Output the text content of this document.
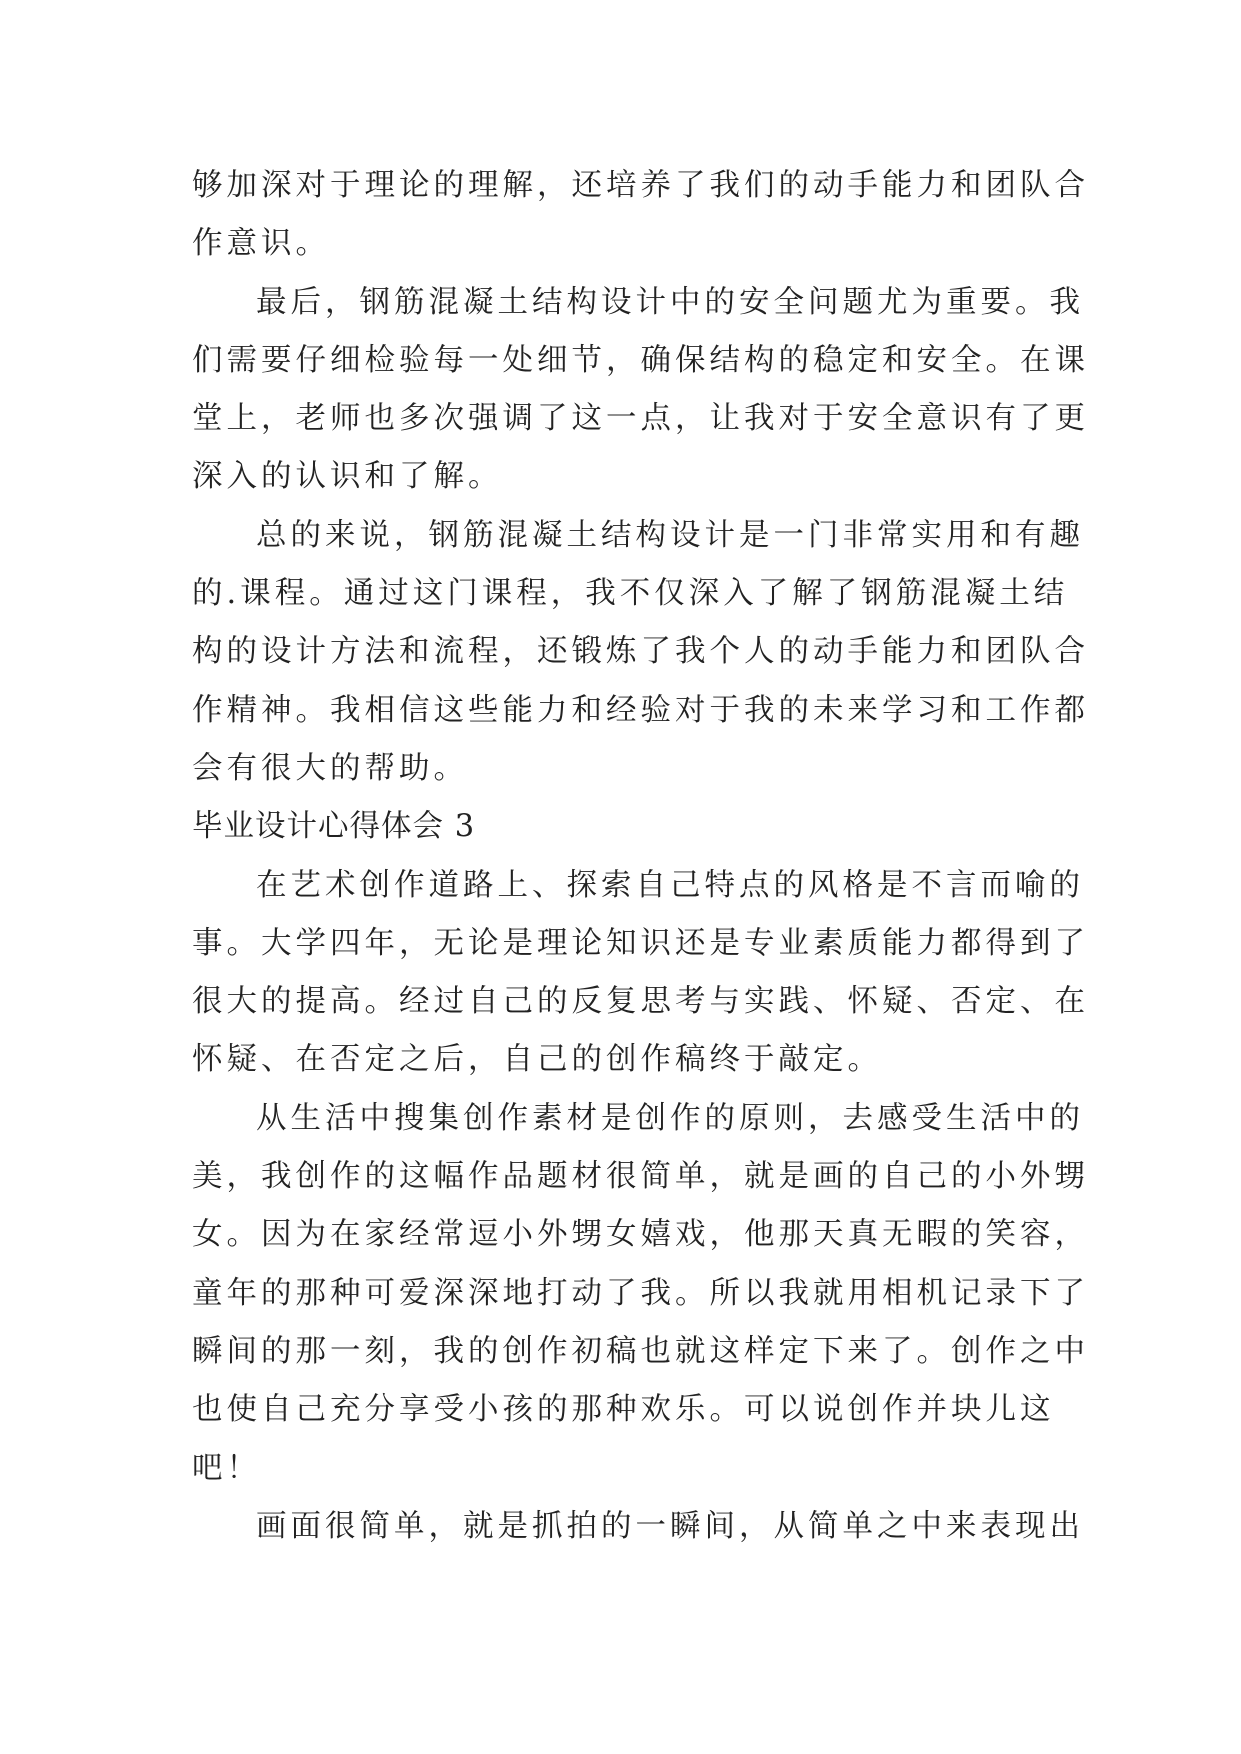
够加深对于理论的理解，还培养了我们的动手能力和团队合
作意识。
最后，钢筋混凝土结构设计中的安全问题尤为重要。我
们需要仔细检验每一处细节，确保结构的稳定和安全。在课
堂上，老师也多次强调了这一点，让我对于安全意识有了更
深入的认识和了解。
总的来说，钢筋混凝土结构设计是一门非常实用和有趣
的.课程。通过这门课程，我不仅深入了解了钢筋混凝土结
构的设计方法和流程，还锻炼了我个人的动手能力和团队合
作精神。我相信这些能力和经验对于我的未来学习和工作都
会有很大的帮助。
毕业设计心得体会 3
在艺术创作道路上、探索自己特点的风格是不言而喻的
事。大学四年，无论是理论知识还是专业素质能力都得到了
很大的提高。经过自己的反复思考与实践、怀疑、否定、在
怀疑、在否定之后，自己的创作稿终于敲定。
从生活中搜集创作素材是创作的原则，去感受生活中的
美，我创作的这幅作品题材很简单，就是画的自己的小外甥
女。因为在家经常逗小外甥女嬉戏，他那天真无暇的笑容，
童年的那种可爱深深地打动了我。所以我就用相机记录下了
瞬间的那一刻，我的创作初稿也就这样定下来了。创作之中
也使自己充分享受小孩的那种欢乐。可以说创作并块儿这
吧！
画面很简单，就是抓拍的一瞬间，从简单之中来表现出
